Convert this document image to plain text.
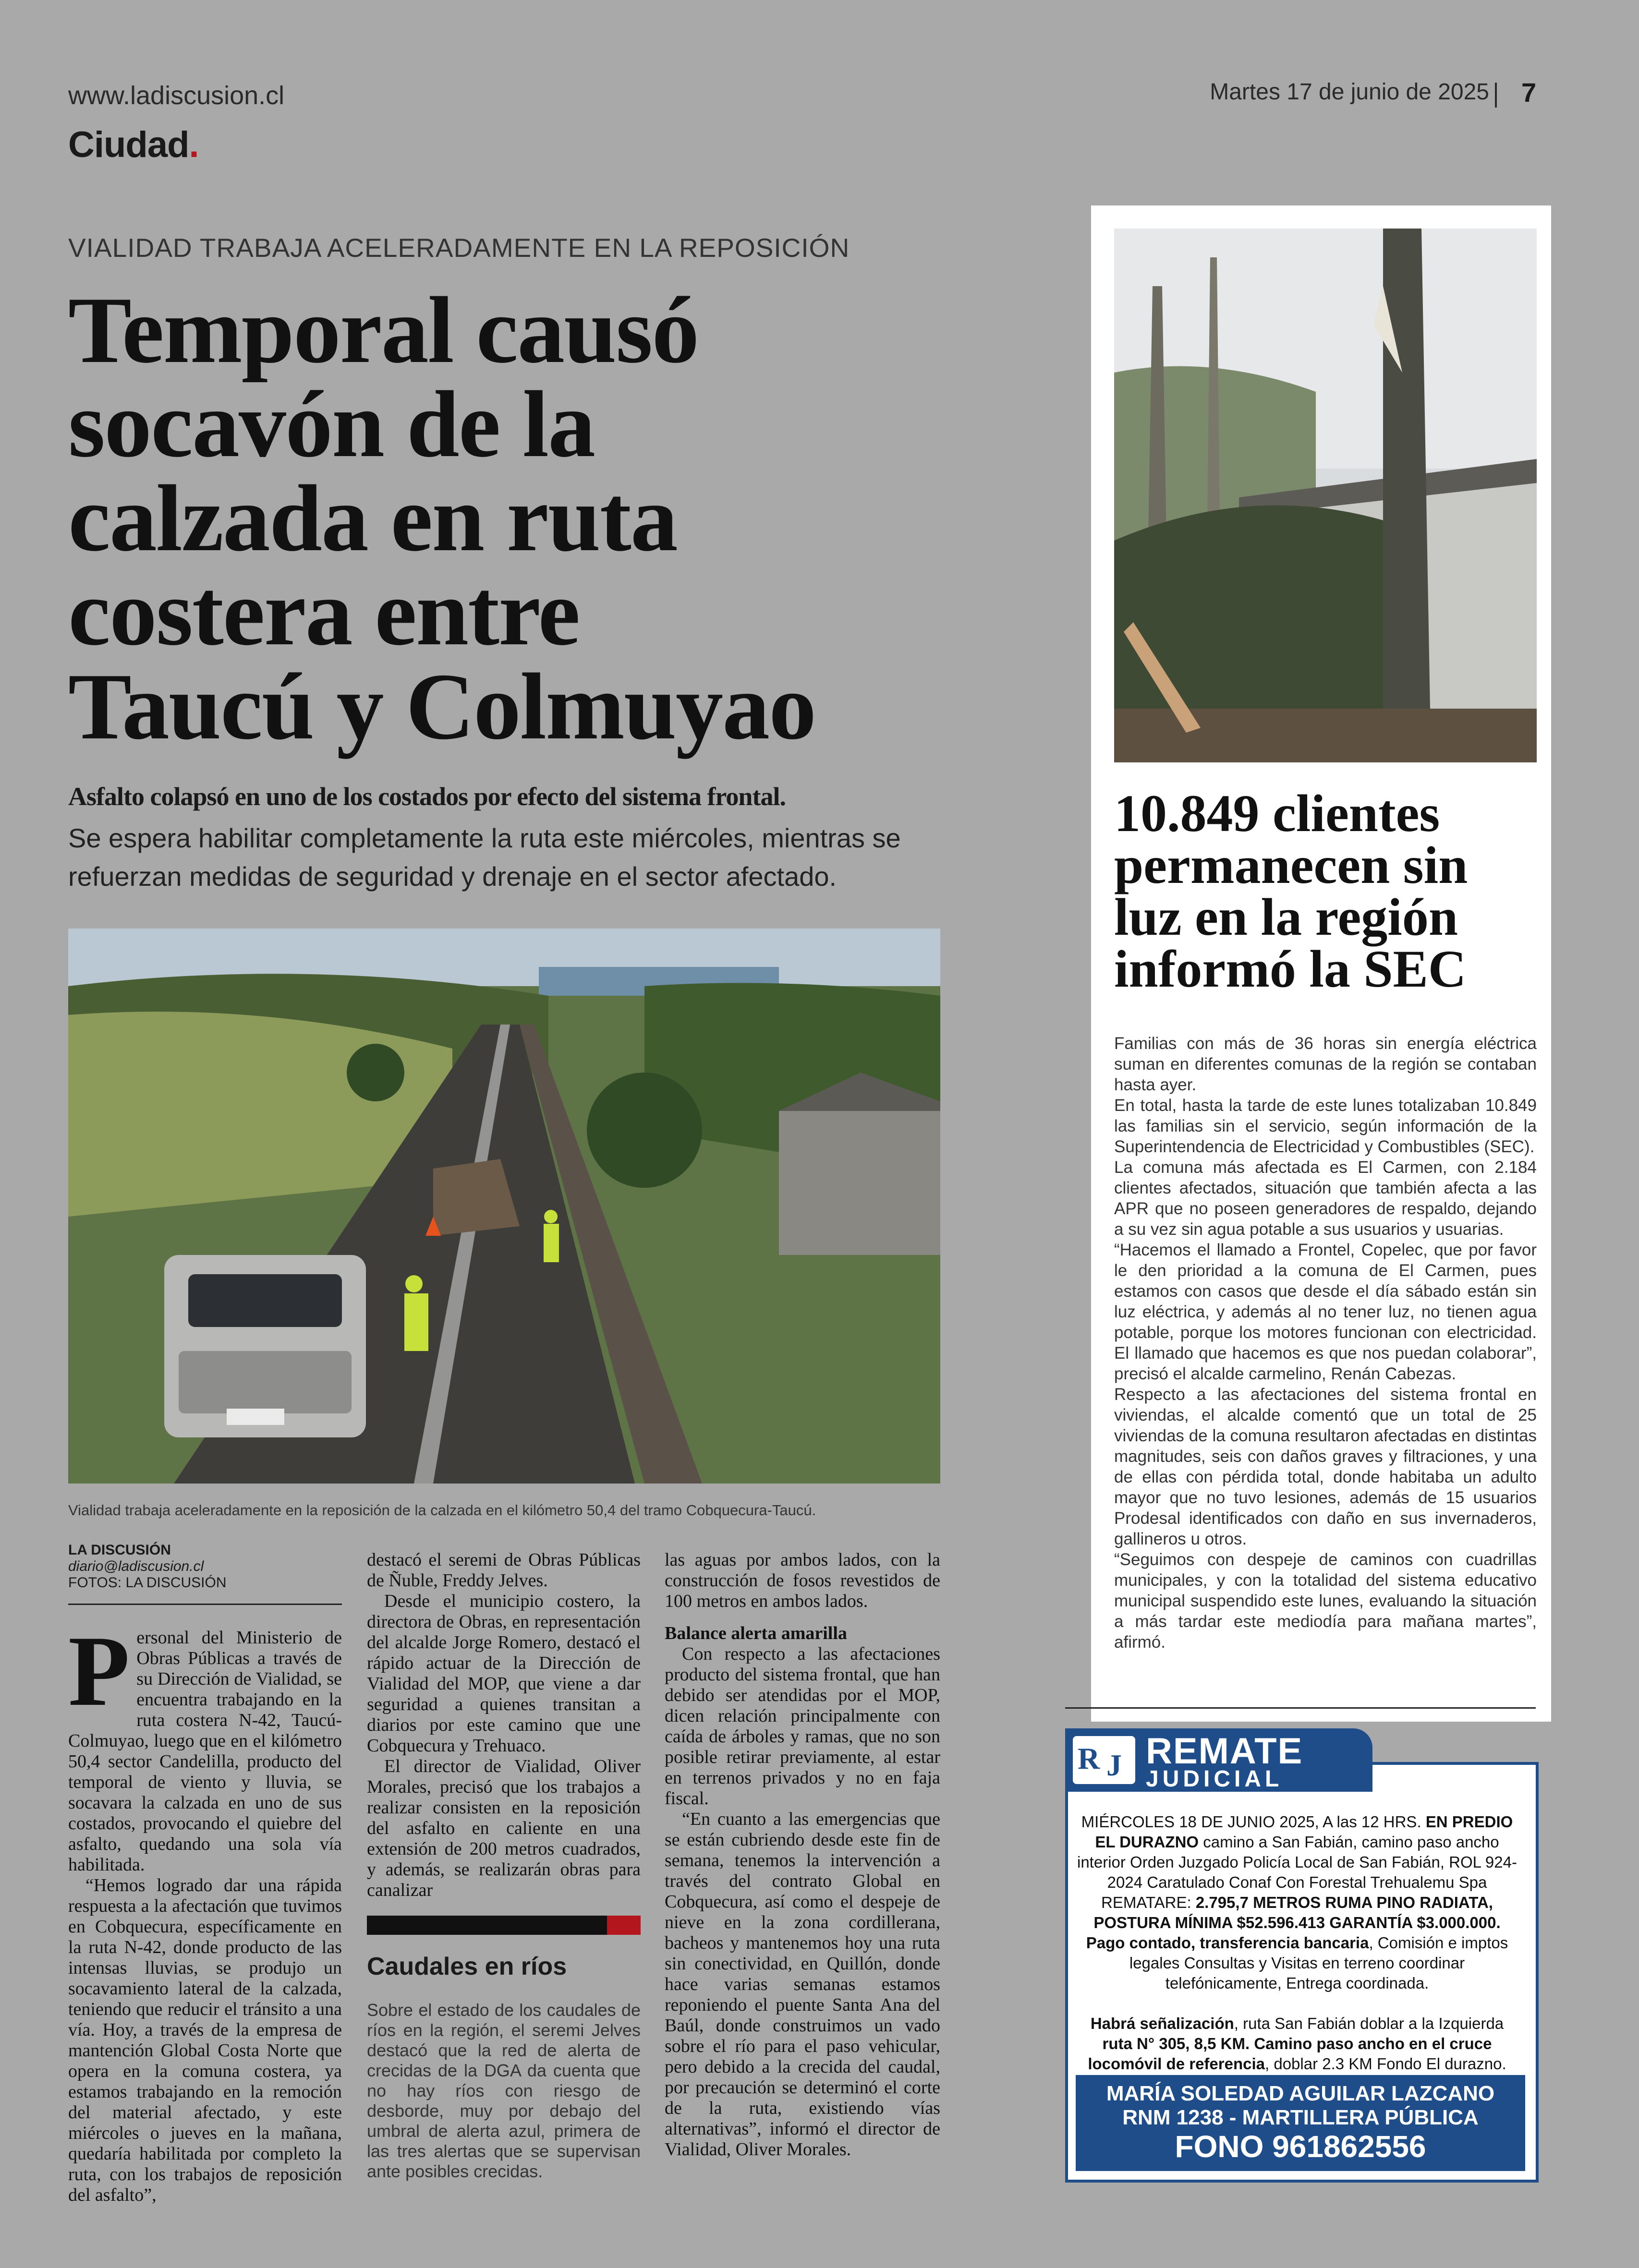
www.ladiscusion.cl
Ciudad.
Martes 17 de junio de 2025 7
VIALIDAD TRABAJA ACELERADAMENTE EN LA REPOSICIÓN
Temporal causó
socavón de la
calzada en ruta
costera entre
Taucú y Colmuyao
Asfalto colapsó en uno de los costados por efecto del sistema frontal.
Se espera habilitar completamente la ruta este miércoles, mientras se refuerzan medidas de seguridad y drenaje en el sector afectado.
Vialidad trabaja aceleradamente en la reposición de la calzada en el kilómetro 50,4 del tramo Cobquecura-Taucú.
LA DISCUSIÓN
diario@ladiscusion.cl
FOTOS: LA DISCUSIÓN
P ersonal del Ministerio de Obras Públicas a través de su Dirección de Vialidad, se encuentra trabajando en la ruta costera N-42, Taucú-Colmuyao, luego que en el kilómetro 50,4 sector Candelilla, producto del temporal de viento y lluvia, se socavara la calzada en uno de sus costados, provocando el quiebre del asfalto, quedando una sola vía habilitada.

“Hemos logrado dar una rápida respuesta a la afectación que tuvimos en Cobquecura, específicamente en la ruta N-42, donde producto de las intensas lluvias, se produjo un socavamiento lateral de la calzada, teniendo que reducir el tránsito a una vía. Hoy, a través de la empresa de mantención Global Costa Norte que opera en la comuna costera, ya estamos trabajando en la remoción del material afectado, y este miércoles o jueves en la mañana, quedaría habilitada por completo la ruta, con los trabajos de reposición del asfalto”,

destacó el seremi de Obras Públicas de Ñuble, Freddy Jelves.

Desde el municipio costero, la directora de Obras, en representación del alcalde Jorge Romero, destacó el rápido actuar de la Dirección de Vialidad del MOP, que viene a dar seguridad a quienes transitan a diarios por este camino que une Cobquecura y Trehuaco.

El director de Vialidad, Oliver Morales, precisó que los trabajos a realizar consisten en la reposición del asfalto en caliente en una extensión de 200 metros cuadrados, y además, se realizarán obras para canalizar

Caudales en ríos
Sobre el estado de los caudales de ríos en la región, el seremi Jelves destacó que la red de alerta de crecidas de la DGA da cuenta que no hay ríos con riesgo de desborde, muy por debajo del umbral de alerta azul, primera de las tres alertas que se supervisan ante posibles crecidas.

las aguas por ambos lados, con la construcción de fosos revestidos de 100 metros en ambos lados.

Balance alerta amarilla

Con respecto a las afectaciones producto del sistema frontal, que han debido ser atendidas por el MOP, dicen relación principalmente con caída de árboles y ramas, que no son posible retirar previamente, al estar en terrenos privados y no en faja fiscal.

“En cuanto a las emergencias que se están cubriendo desde este fin de semana, tenemos la intervención a través del contrato Global en Cobquecura, así como el despeje de nieve en la zona cordillerana, bacheos y mantenemos hoy una ruta sin conectividad, en Quillón, donde hace varias semanas estamos reponiendo el puente Santa Ana del Baúl, donde construimos un vado sobre el río para el paso vehicular, pero debido a la crecida del caudal, por precaución se determinó el corte de la ruta, existiendo vías alternativas”, informó el director de Vialidad, Oliver Morales.

10.849 clientes
permanecen sin
luz en la región
informó la SEC

Familias con más de 36 horas sin energía eléctrica suman en diferentes comunas de la región se contaban hasta ayer.

En total, hasta la tarde de este lunes totalizaban 10.849 las familias sin el servicio, según información de la Superintendencia de Electricidad y Combustibles (SEC).

La comuna más afectada es El Carmen, con 2.184 clientes afectados, situación que también afecta a las APR que no poseen generadores de respaldo, dejando a su vez sin agua potable a sus usuarios y usuarias.

“Hacemos el llamado a Frontel, Copelec, que por favor le den prioridad a la comuna de El Carmen, pues estamos con casos que desde el día sábado están sin luz eléctrica, y además al no tener luz, no tienen agua potable, porque los motores funcionan con electricidad. El llamado que hacemos es que nos puedan colaborar”, precisó el alcalde carmelino, Renán Cabezas.

Respecto a las afectaciones del sistema frontal en viviendas, el alcalde comentó que un total de 25 viviendas de la comuna resultaron afectadas en distintas magnitudes, seis con daños graves y filtraciones, y una de ellas con pérdida total, donde habitaba un adulto mayor que no tuvo lesiones, además de 15 usuarios Prodesal identificados con daño en sus invernaderos, gallineros u otros.

“Seguimos con despeje de caminos con cuadrillas municipales, y con la totalidad del sistema educativo municipal suspendido este lunes, evaluando la situación a más tardar este mediodía para mañana martes”, afirmó.

R J REMATE
JUDICIAL
MIÉRCOLES 18 DE JUNIO 2025, A las 12 HRS. EN PREDIO EL DURAZNO camino a San Fabián, camino paso ancho interior Orden Juzgado Policía Local de San Fabián, ROL 924-2024 Caratulado Conaf Con Forestal Trehualemu Spa REMATARE: 2.795,7 METROS RUMA PINO RADIATA, POSTURA MÍNIMA $52.596.413 GARANTÍA $3.000.000. Pago contado, transferencia bancaria, Comisión e imptos legales Consultas y Visitas en terreno coordinar telefónicamente, Entrega coordinada.

Habrá señalización, ruta San Fabián doblar a la Izquierda ruta N° 305, 8,5 KM. Camino paso ancho en el cruce locomóvil de referencia, doblar 2.3 KM Fondo El durazno.
MARÍA SOLEDAD AGUILAR LAZCANO
RNM 1238 - MARTILLERA PÚBLICA
FONO 961862556
